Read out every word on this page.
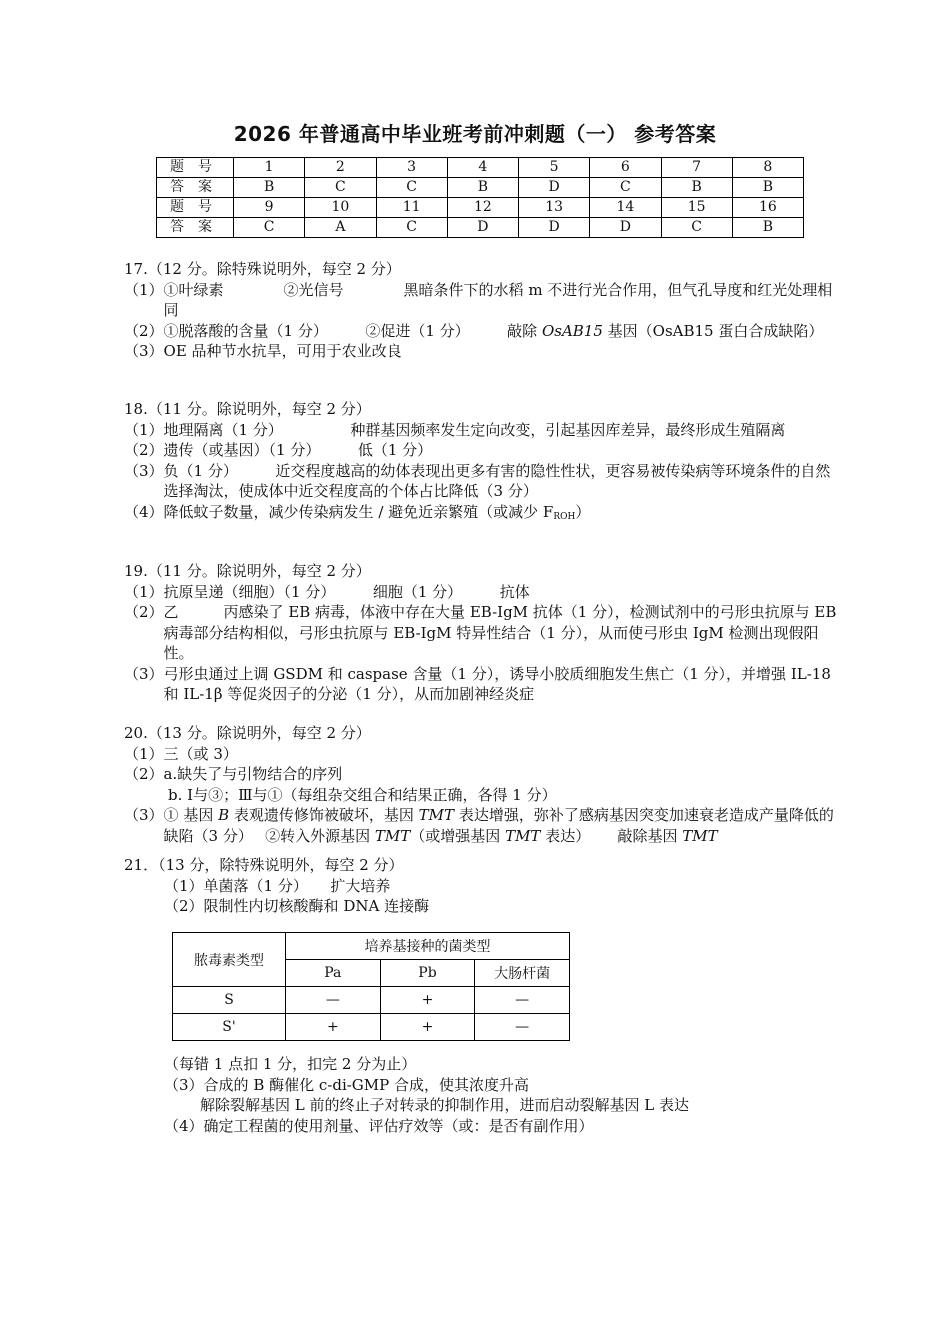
2026 年普通高中毕业班考前冲刺题（一） 参考答案
题号	1	2	3	4	5	6	7	8
答案	B	C	C	B	D	C	B	B
题号	9	10	11	12	13	14	15	16
答案	C	A	C	D	D	D	C	B
17.（12 分。除特殊说明外，每空 2 分）
（1） ①叶绿素　　　　②光信号　　　　黑暗条件下的水稻 m 不进行光合作用，但气孔导度和红光处理相同
（2） ①脱落酸的含量（1 分）　　　②促进（1 分）　　　敲除 OsAB15 基因（OsAB15 蛋白合成缺陷）
（3） OE 品种节水抗旱，可用于农业改良
18.（11 分。除说明外，每空 2 分）
（1）地理隔离（1 分）　　　　　种群基因频率发生定向改变，引起基因库差异，最终形成生殖隔离
（2） 遗传（或基因）（1 分）　　　低（1 分）
（3） 负（1 分）　　　近交程度越高的幼体表现出更多有害的隐性性状，更容易被传染病等环境条件的自然选择淘汰，使成体中近交程度高的个体占比降低（3 分）
（4） 降低蚊子数量，减少传染病发生 / 避免近亲繁殖（或减少 $F_{ROH}$）
19.（11 分。除说明外，每空 2 分）
（1） 抗原呈递（细胞）（1 分）　　　细胞（1 分）　　　抗体
（2） 乙　　　丙感染了 EB 病毒，体液中存在大量 EB-IgM 抗体（1 分），检测试剂中的弓形虫抗原与 EB 病毒部分结构相似，弓形虫抗原与 EB-IgM 特异性结合（1 分），从而使弓形虫 IgM 检测出现假阳性。
（3） 弓形虫通过上调 GSDM 和 caspase 含量（1 分），诱导小胶质细胞发生焦亡（1 分），并增强 IL-18 和 IL-1β 等促炎因子的分泌（1 分），从而加剧神经炎症
20.（13 分。除说明外，每空 2 分）
（1） 三（或 3）
（2） a.缺失了与引物结合的序列
b. Ⅰ与③；Ⅲ与①（每组杂交组合和结果正确，各得 1 分）
（3） ① 基因 B 表观遗传修饰被破坏，基因 TMT 表达增强，弥补了感病基因突变加速衰老造成产量降低的缺陷（3 分）　 ②转入外源基因 TMT（或增强基因 TMT 表达）　　 敲除基因 TMT
21．（13 分，除特殊说明外，每空 2 分）
（1）单菌落（1 分）　　扩大培养
（2）限制性内切核酸酶和 DNA 连接酶
脓毒素类型	培养基接种的菌类型		
	Pa	Pb	大肠杆菌
S	—	+	—
S'	+	+	—
（每错 1 点扣 1 分，扣完 2 分为止）
（3） 合成的 B 酶催化 c-di-GMP 合成，使其浓度升高
解除裂解基因 L 前的终止子对转录的抑制作用，进而启动裂解基因 L 表达
（4）确定工程菌的使用剂量、评估疗效等（或：是否有副作用）
